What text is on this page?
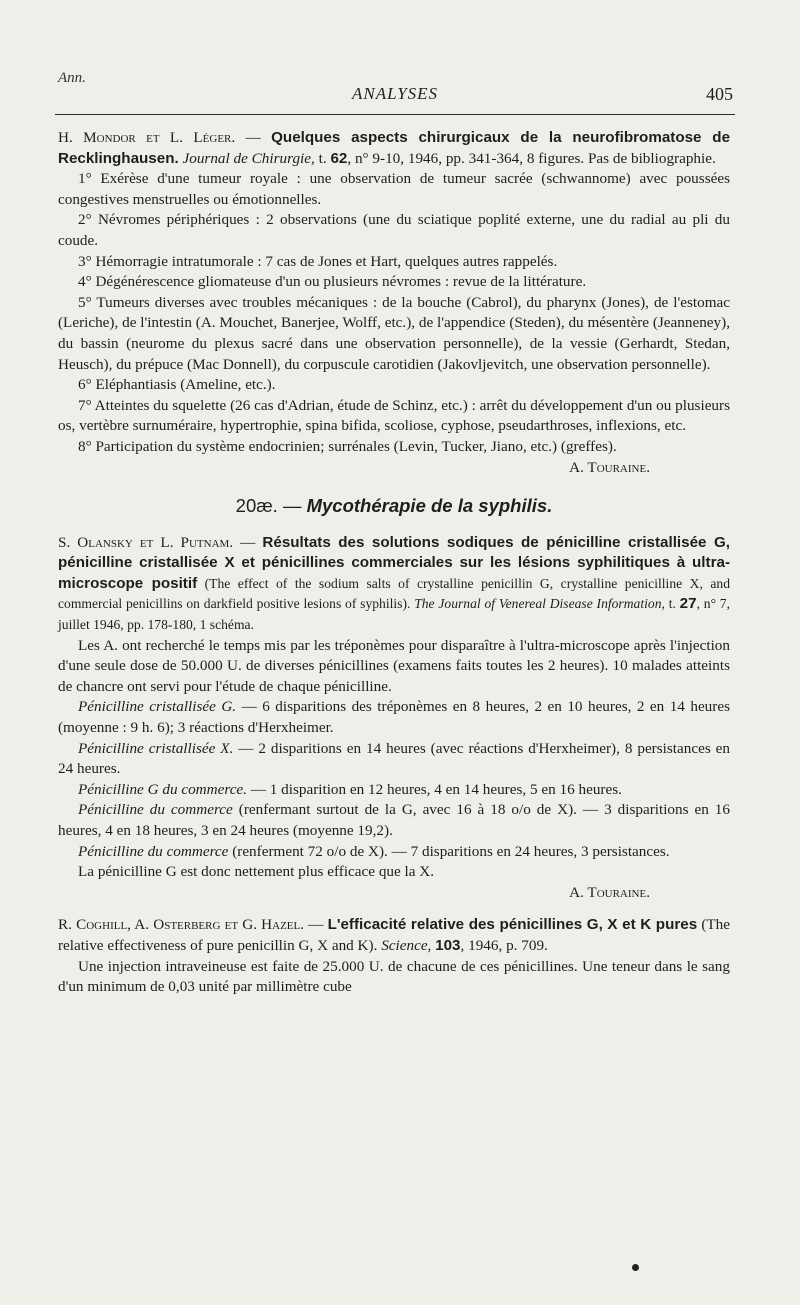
Ann.
ANALYSES	405

H. Mondor et L. Léger. — Quelques aspects chirurgicaux de la neurofibromatose de Recklinghausen. Journal de Chirurgie, t. 62, n° 9-10, 1946, pp. 341-364, 8 figures. Pas de bibliographie.

1° Exérèse d'une tumeur royale : une observation de tumeur sacrée (schwannome) avec poussées congestives menstruelles ou émotionnelles.

2° Névromes périphériques : 2 observations (une du sciatique poplité externe, une du radial au pli du coude.

3° Hémorragie intratumorale : 7 cas de Jones et Hart, quelques autres rappelés.

4° Dégénérescence gliomateuse d'un ou plusieurs névromes : revue de la littérature.

5° Tumeurs diverses avec troubles mécaniques : de la bouche (Cabrol), du pharynx (Jones), de l'estomac (Leriche), de l'intestin (A. Mouchet, Banerjee, Wolff, etc.), de l'appendice (Steden), du mésentère (Jeanneney), du bassin (neurome du plexus sacré dans une observation personnelle), de la vessie (Gerhardt, Stedan, Heusch), du prépuce (Mac Donnell), du corpuscule carotidien (Jakovljevitch, une observation personnelle).

6° Eléphantiasis (Ameline, etc.).

7° Atteintes du squelette (26 cas d'Adrian, étude de Schinz, etc.) : arrêt du développement d'un ou plusieurs os, vertèbre surnuméraire, hypertrophie, spina bifida, scoliose, cyphose, pseudarthroses, inflexions, etc.

8° Participation du système endocrinien; surrénales (Levin, Tucker, Jiano, etc.) (greffes).

A. Touraine.

20æ. — Mycothérapie de la syphilis.

S. Olansky et L. Putnam. — Résultats des solutions sodiques de pénicilline cristallisée G, pénicilline cristallisée X et pénicillines commerciales sur les lésions syphilitiques à ultra-microscope positif (The effect of the sodium salts of crystalline penicillin G, crystalline penicilline X, and commercial penicillins on darkfield positive lesions of syphilis). The Journal of Venereal Disease Information, t. 27, n° 7, juillet 1946, pp. 178-180, 1 schéma.

Les A. ont recherché le temps mis par les tréponèmes pour disparaître à l'ultra-microscope après l'injection d'une seule dose de 50.000 U. de diverses pénicillines (examens faits toutes les 2 heures). 10 malades atteints de chancre ont servi pour l'étude de chaque pénicilline.

Pénicilline cristallisée G. — 6 disparitions des tréponèmes en 8 heures, 2 en 10 heures, 2 en 14 heures (moyenne : 9 h. 6); 3 réactions d'Herxheimer.

Pénicilline cristallisée X. — 2 disparitions en 14 heures (avec réactions d'Herxheimer), 8 persistances en 24 heures.

Pénicilline G du commerce. — 1 disparition en 12 heures, 4 en 14 heures, 5 en 16 heures.

Pénicilline du commerce (renfermant surtout de la G, avec 16 à 18 o/o de X). — 3 disparitions en 16 heures, 4 en 18 heures, 3 en 24 heures (moyenne 19,2).

Pénicilline du commerce (renferment 72 o/o de X). — 7 disparitions en 24 heures, 3 persistances.

La pénicilline G est donc nettement plus efficace que la X.

A. Touraine.

R. Coghill, A. Osterberg et G. Hazel. — L'efficacité relative des pénicillines G, X et K pures (The relative effectiveness of pure penicillin G, X and K). Science, 103, 1946, p. 709.

Une injection intraveineuse est faite de 25.000 U. de chacune de ces pénicillines. Une teneur dans le sang d'un minimum de 0,03 unité par millimètre cube
